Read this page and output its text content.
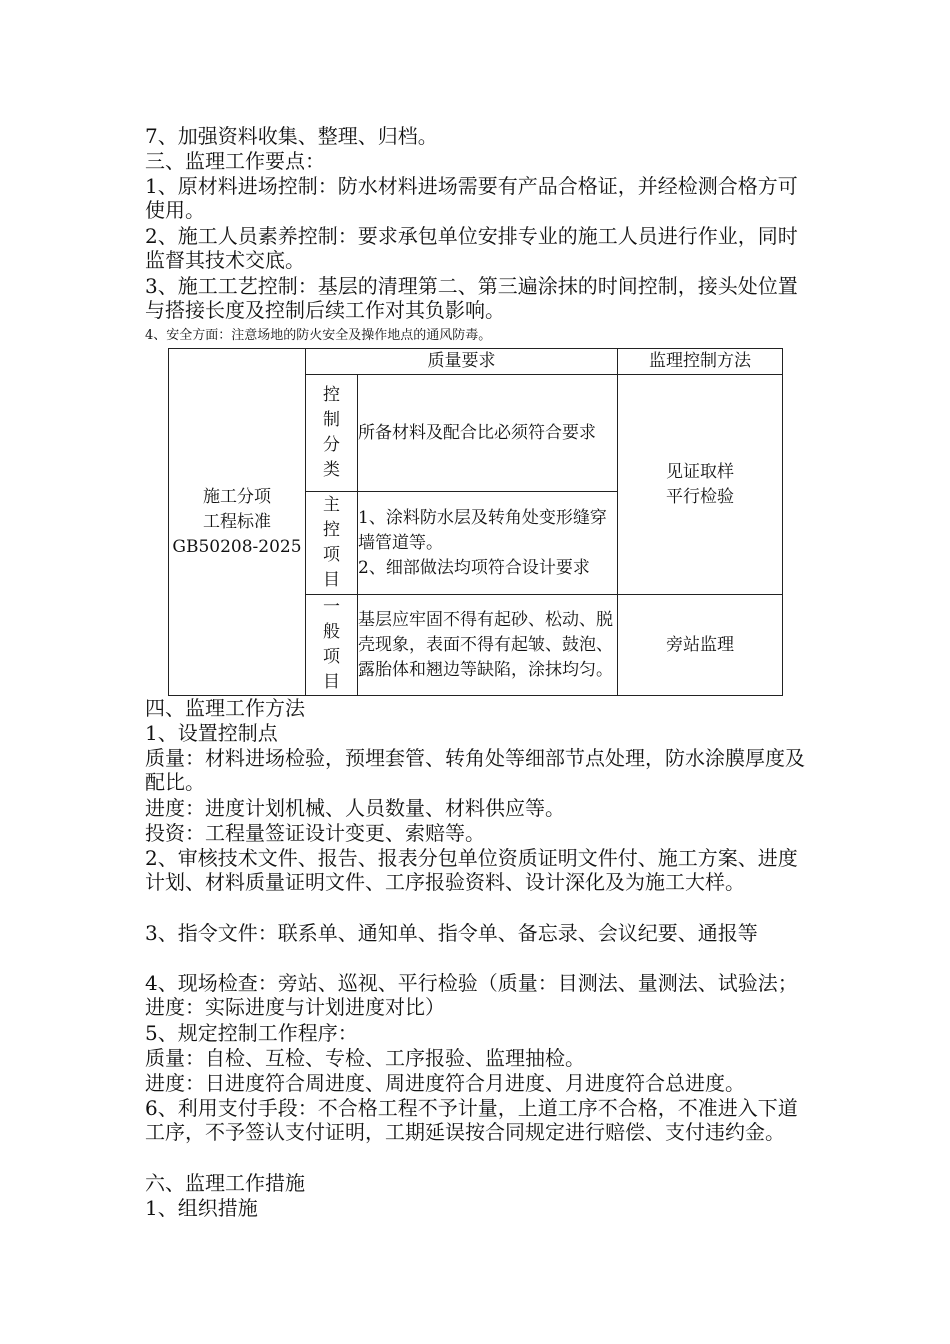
7、加强资料收集、整理、归档。
三、监理工作要点：
1、原材料进场控制：防水材料进场需要有产品合格证，并经检测合格方可使用。
2、施工人员素养控制：要求承包单位安排专业的施工人员进行作业，同时监督其技术交底。
3、施工工艺控制：基层的清理第二、第三遍涂抹的时间控制，接头处位置与搭接长度及控制后续工作对其负影响。
4、安全方面：注意场地的防火安全及操作地点的通风防毒。
施工分项
工程标准
GB50208-2025	质量要求		监理控制方法
	控制分类	所备材料及配合比必须符合要求	见证取样
平行检验

	主控项目	1、涂料防水层及转角处变形缝穿墙管道等。
2、细部做法均项符合设计要求	

	一般项目	基层应牢固不得有起砂、松动、脱壳现象，表面不得有起皱、鼓泡、露胎体和翘边等缺陷，涂抹均匀。	旁站监理
四、监理工作方法
1、设置控制点
质量：材料进场检验，预埋套管、转角处等细部节点处理，防水涂膜厚度及配比。
进度：进度计划机械、人员数量、材料供应等。
投资：工程量签证设计变更、索赔等。
2、审核技术文件、报告、报表分包单位资质证明文件付、施工方案、进度计划、材料质量证明文件、工序报验资料、设计深化及为施工大样。
3、指令文件：联系单、通知单、指令单、备忘录、会议纪要、通报等
4、现场检查：旁站、巡视、平行检验（质量：目测法、量测法、试验法；进度：实际进度与计划进度对比）
5、规定控制工作程序：
质量：自检、互检、专检、工序报验、监理抽检。
进度：日进度符合周进度、周进度符合月进度、月进度符合总进度。
6、利用支付手段：不合格工程不予计量，上道工序不合格，不准进入下道工序，不予签认支付证明，工期延误按合同规定进行赔偿、支付违约金。
六、监理工作措施
1、组织措施
